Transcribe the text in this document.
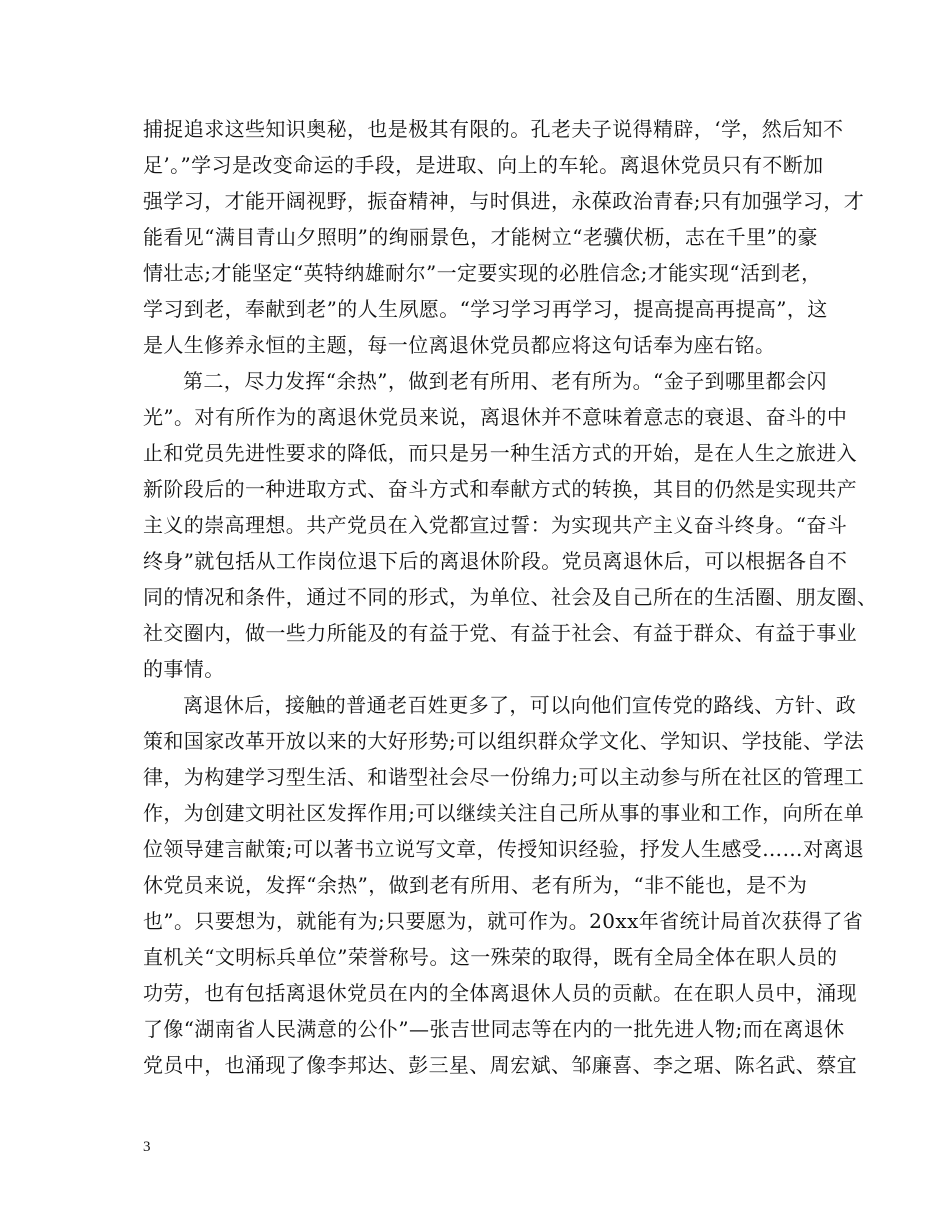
捕捉追求这些知识奥秘，也是极其有限的。孔老夫子说得精辟，‘学，然后知不
足’。”学习是改变命运的手段，是进取、向上的车轮。离退休党员只有不断加
强学习，才能开阔视野，振奋精神，与时俱进，永葆政治青春;只有加强学习，才
能看见“满目青山夕照明”的绚丽景色，才能树立“老骥伏枥，志在千里”的豪
情壮志;才能坚定“英特纳雄耐尔”一定要实现的必胜信念;才能实现“活到老，
学习到老，奉献到老”的人生夙愿。“学习学习再学习，提高提高再提高”，这
是人生修养永恒的主题，每一位离退休党员都应将这句话奉为座右铭。
第二，尽力发挥“余热”，做到老有所用、老有所为。“金子到哪里都会闪
光”。对有所作为的离退休党员来说，离退休并不意味着意志的衰退、奋斗的中
止和党员先进性要求的降低，而只是另一种生活方式的开始，是在人生之旅进入
新阶段后的一种进取方式、奋斗方式和奉献方式的转换，其目的仍然是实现共产
主义的崇高理想。共产党员在入党都宣过誓：为实现共产主义奋斗终身。“奋斗
终身”就包括从工作岗位退下后的离退休阶段。党员离退休后，可以根据各自不
同的情况和条件，通过不同的形式，为单位、社会及自己所在的生活圈、朋友圈、
社交圈内，做一些力所能及的有益于党、有益于社会、有益于群众、有益于事业
的事情。
离退休后，接触的普通老百姓更多了，可以向他们宣传党的路线、方针、政
策和国家改革开放以来的大好形势;可以组织群众学文化、学知识、学技能、学法
律，为构建学习型生活、和谐型社会尽一份绵力;可以主动参与所在社区的管理工
作，为创建文明社区发挥作用;可以继续关注自己所从事的事业和工作，向所在单
位领导建言献策;可以著书立说写文章，传授知识经验，抒发人生感受……对离退
休党员来说，发挥“余热”，做到老有所用、老有所为，“非不能也，是不为
也”。只要想为，就能有为;只要愿为，就可作为。20xx年省统计局首次获得了省
直机关“文明标兵单位”荣誉称号。这一殊荣的取得，既有全局全体在职人员的
功劳，也有包括离退休党员在内的全体离退休人员的贡献。在在职人员中，涌现
了像“湖南省人民满意的公仆”—张吉世同志等在内的一批先进人物;而在离退休
党员中，也涌现了像李邦达、彭三星、周宏斌、邹廉喜、李之琚、陈名武、蔡宜
3
